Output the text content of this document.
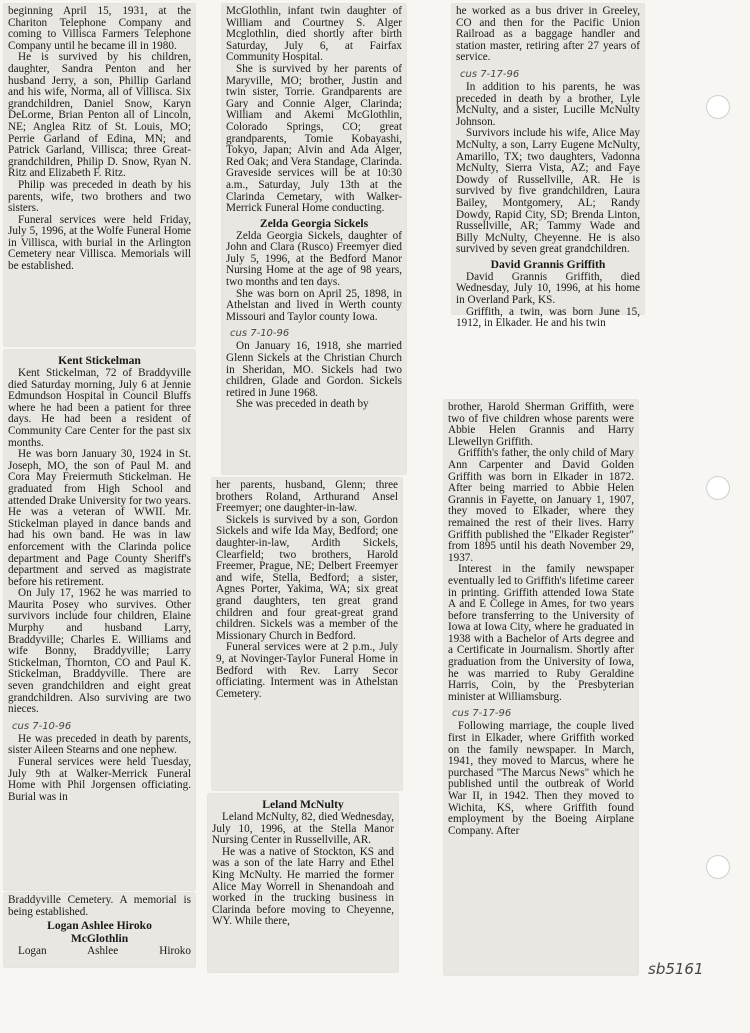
beginning April 15, 1931, at the Chariton Telephone Company and coming to Villisca Farmers Telephone Company until he became ill in 1980.

He is survived by his children, daughter, Sandra Penton and her husband Jerry, a son, Phillip Garland and his wife, Norma, all of Villisca. Six grandchildren, Daniel Snow, Karyn DeLorme, Brian Penton all of Lincoln, NE; Anglea Ritz of St. Louis, MO; Perrie Garland of Edina, MN; and Patrick Garland, Villisca; three Great-grandchildren, Philip D. Snow, Ryan N. Ritz and Elizabeth F. Ritz.

Philip was preceded in death by his parents, wife, two brothers and two sisters.

Funeral services were held Friday, July 5, 1996, at the Wolfe Funeral Home in Villisca, with burial in the Arlington Cemetery near Villisca. Memorials will be established.

Kent Stickelman

Kent Stickelman, 72 of Braddyville died Saturday morning, July 6 at Jennie Edmundson Hospital in Council Bluffs where he had been a patient for three days. He had been a resident of Community Care Center for the past six months.

He was born January 30, 1924 in St. Joseph, MO, the son of Paul M. and Cora May Freiermuth Stickelman. He graduated from High School and attended Drake University for two years. He was a veteran of WWII. Mr. Stickelman played in dance bands and had his own band. He was in law enforcement with the Clarinda police department and Page County Sheriff's department and served as magistrate before his retirement.

On July 17, 1962 he was married to Maurita Posey who survives. Other survivors include four children, Elaine Murphy and husband Larry, Braddyville; Charles E. Williams and wife Bonny, Braddyville; Larry Stickelman, Thornton, CO and Paul K. Stickelman, Braddyville. There are seven grandchildren and eight great grandchildren. Also surviving are two nieces.

cus 7-10-96

He was preceded in death by parents, sister Aileen Stearns and one nephew.

Funeral services were held Tuesday, July 9th at Walker-Merrick Funeral Home with Phil Jorgensen officiating. Burial was in

Braddyville Cemetery. A memorial is being established.

Logan Ashlee Hiroko
McGlothlin

Logan Ashlee Hiroko

McGlothlin, infant twin daughter of William and Courtney S. Alger Mcglothlin, died shortly after birth Saturday, July 6, at Fairfax Community Hospital.

She is survived by her parents of Maryville, MO; brother, Justin and twin sister, Torrie. Grandparents are Gary and Connie Alger, Clarinda; William and Akemi McGlothlin, Colorado Springs, CO; great grandparents, Tomie Kobayashi, Tokyo, Japan; Alvin and Ada Alger, Red Oak; and Vera Standage, Clarinda. Graveside services will be at 10:30 a.m., Saturday, July 13th at the Clarinda Cemetary, with Walker-Merrick Funeral Home conducting.

Zelda Georgia Sickels

Zelda Georgia Sickels, daughter of John and Clara (Rusco) Freemyer died July 5, 1996, at the Bedford Manor Nursing Home at the age of 98 years, two months and ten days.

She was born on April 25, 1898, in Athelstan and lived in Werth county Missouri and Taylor county Iowa.

cus 7-10-96

On January 16, 1918, she married Glenn Sickels at the Christian Church in Sheridan, MO. Sickels had two children, Glade and Gordon. Sickels retired in June 1968.

She was preceded in death by

her parents, husband, Glenn; three brothers Roland, Arthurand Ansel Freemyer; one daughter-in-law.

Sickels is survived by a son, Gordon Sickels and wife Ida May, Bedford; one daughter-in-law, Ardith Sickels, Clearfield; two brothers, Harold Freemer, Prague, NE; Delbert Freemyer and wife, Stella, Bedford; a sister, Agnes Porter, Yakima, WA; six great grand daughters, ten great grand children and four great-great grand children. Sickels was a member of the Missionary Church in Bedford.

Funeral services were at 2 p.m., July 9, at Novinger-Taylor Funeral Home in Bedford with Rev. Larry Secor officiating. Interment was in Athelstan Cemetery.

Leland McNulty

Leland McNulty, 82, died Wednesday, July 10, 1996, at the Stella Manor Nursing Center in Russellville, AR.

He was a native of Stockton, KS and was a son of the late Harry and Ethel King McNulty. He married the former Alice May Worrell in Shenandoah and worked in the trucking business in Clarinda before moving to Cheyenne, WY. While there,

he worked as a bus driver in Greeley, CO and then for the Pacific Union Railroad as a baggage handler and station master, retiring after 27 years of service.

cus 7-17-96

In addition to his parents, he was preceded in death by a brother, Lyle McNulty, and a sister, Lucille McNulty Johnson.

Survivors include his wife, Alice May McNulty, a son, Larry Eugene McNulty, Amarillo, TX; two daughters, Vadonna McNulty, Sierra Vista, AZ; and Faye Dowdy of Russellville, AR. He is survived by five grandchildren, Laura Bailey, Montgomery, AL; Randy Dowdy, Rapid City, SD; Brenda Linton, Russellville, AR; Tammy Wade and Billy McNulty, Cheyenne. He is also survived by seven great grandchildren.

David Grannis Griffith

David Grannis Griffith, died Wednesday, July 10, 1996, at his home in Overland Park, KS.

Griffith, a twin, was born June 15, 1912, in Elkader. He and his twin

brother, Harold Sherman Griffith, were two of five children whose parents were Abbie Helen Grannis and Harry Llewellyn Griffith.

Griffith's father, the only child of Mary Ann Carpenter and David Golden Griffith was born in Elkader in 1872. After being married to Abbie Helen Grannis in Fayette, on January 1, 1907, they moved to Elkader, where they remained the rest of their lives. Harry Griffith published the "Elkader Register" from 1895 until his death November 29, 1937.

Interest in the family newspaper eventually led to Griffith's lifetime career in printing. Griffith attended Iowa State A and E College in Ames, for two years before transferring to the University of Iowa at Iowa City, where he graduated in 1938 with a Bachelor of Arts degree and a Certificate in Journalism. Shortly after graduation from the University of Iowa, he was married to Ruby Geraldine Harris, Coin, by the Presbyterian minister at Williamsburg.

cus 7-17-96

Following marriage, the couple lived first in Elkader, where Griffith worked on the family newspaper. In March, 1941, they moved to Marcus, where he purchased "The Marcus News" which he published until the outbreak of World War II, in 1942. Then they moved to Wichita, KS, where Griffith found employment by the Boeing Airplane Company. After

sb5161
